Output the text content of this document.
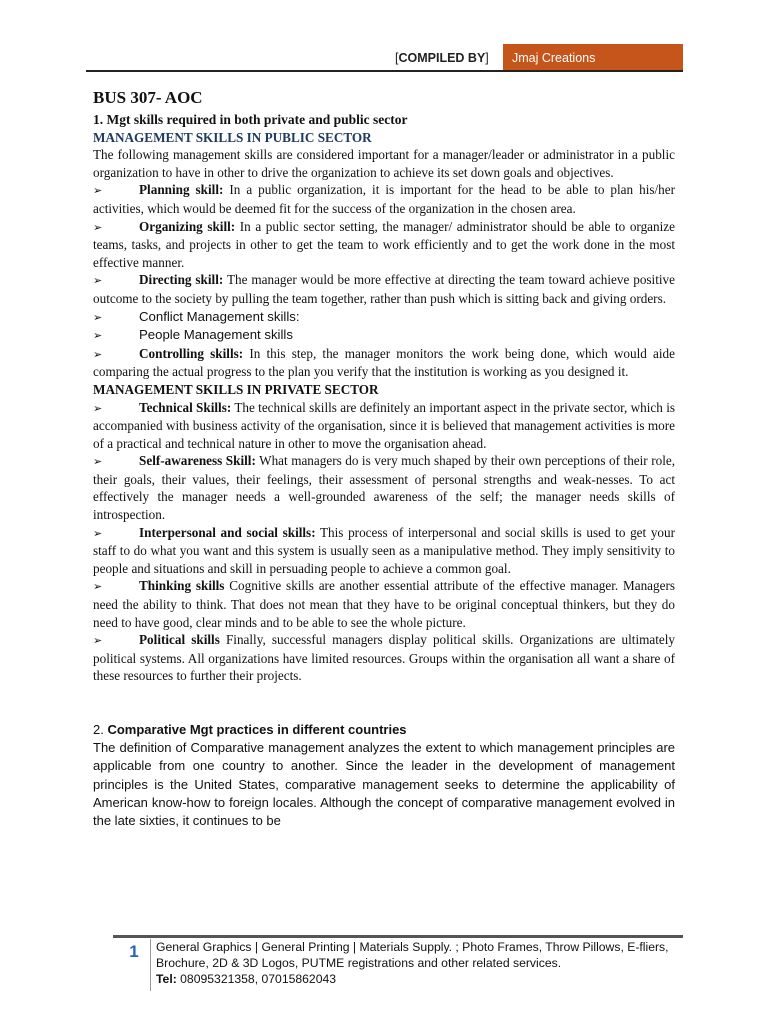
[COMPILED BY]	Jmaj Creations
BUS 307- AOC
1. Mgt skills required in both private and public sector
MANAGEMENT SKILLS IN PUBLIC SECTOR

The following management skills are considered important for a manager/leader or administrator in a public organization to have in other to drive the organization to achieve its set down goals and objectives.

➢	Planning skill: In a public organization, it is important for the head to be able to plan his/her activities, which would be deemed fit for the success of the organization in the chosen area.
➢	Organizing skill: In a public sector setting, the manager/ administrator should be able to organize teams, tasks, and projects in other to get the team to work efficiently and to get the work done in the most effective manner.
➢	Directing skill: The manager would be more effective at directing the team toward achieve positive outcome to the society by pulling the team together, rather than push which is sitting back and giving orders.
➢	Conflict Management skills:
➢	People Management skills
➢	Controlling skills: In this step, the manager monitors the work being done, which would aide comparing the actual progress to the plan you verify that the institution is working as you designed it.
MANAGEMENT SKILLS IN PRIVATE SECTOR
➢	Technical Skills: The technical skills are definitely an important aspect in the private sector, which is accompanied with business activity of the organisation, since it is believed that management activities is more of a practical and technical nature in other to move the organisation ahead.
➢	Self-awareness Skill: What managers do is very much shaped by their own perceptions of their role, their goals, their values, their feelings, their assessment of personal strengths and weak-nesses. To act effectively the manager needs a well-grounded awareness of the self; the manager needs skills of introspection.
➢	Interpersonal and social skills: This process of interpersonal and social skills is used to get your staff to do what you want and this system is usually seen as a manipulative method. They imply sensitivity to people and situations and skill in persuading people to achieve a common goal.
➢	Thinking skills Cognitive skills are another essential attribute of the effective manager. Managers need the ability to think. That does not mean that they have to be original conceptual thinkers, but they do need to have good, clear minds and to be able to see the whole picture.
➢	Political skills Finally, successful managers display political skills. Organizations are ultimately political systems. All organizations have limited resources. Groups within the organisation all want a share of these resources to further their projects.
2. Comparative Mgt practices in different countries

The definition of Comparative management analyzes the extent to which management principles are applicable from one country to another. Since the leader in the development of management principles is the United States, comparative management seeks to determine the applicability of American know-how to foreign locales. Although the concept of comparative management evolved in the late sixties, it continues to be

1	General Graphics | General Printing | Materials Supply. ; Photo Frames, Throw Pillows, E-fliers, Brochure, 2D & 3D Logos, PUTME registrations and other related services.
Tel: 08095321358, 07015862043
